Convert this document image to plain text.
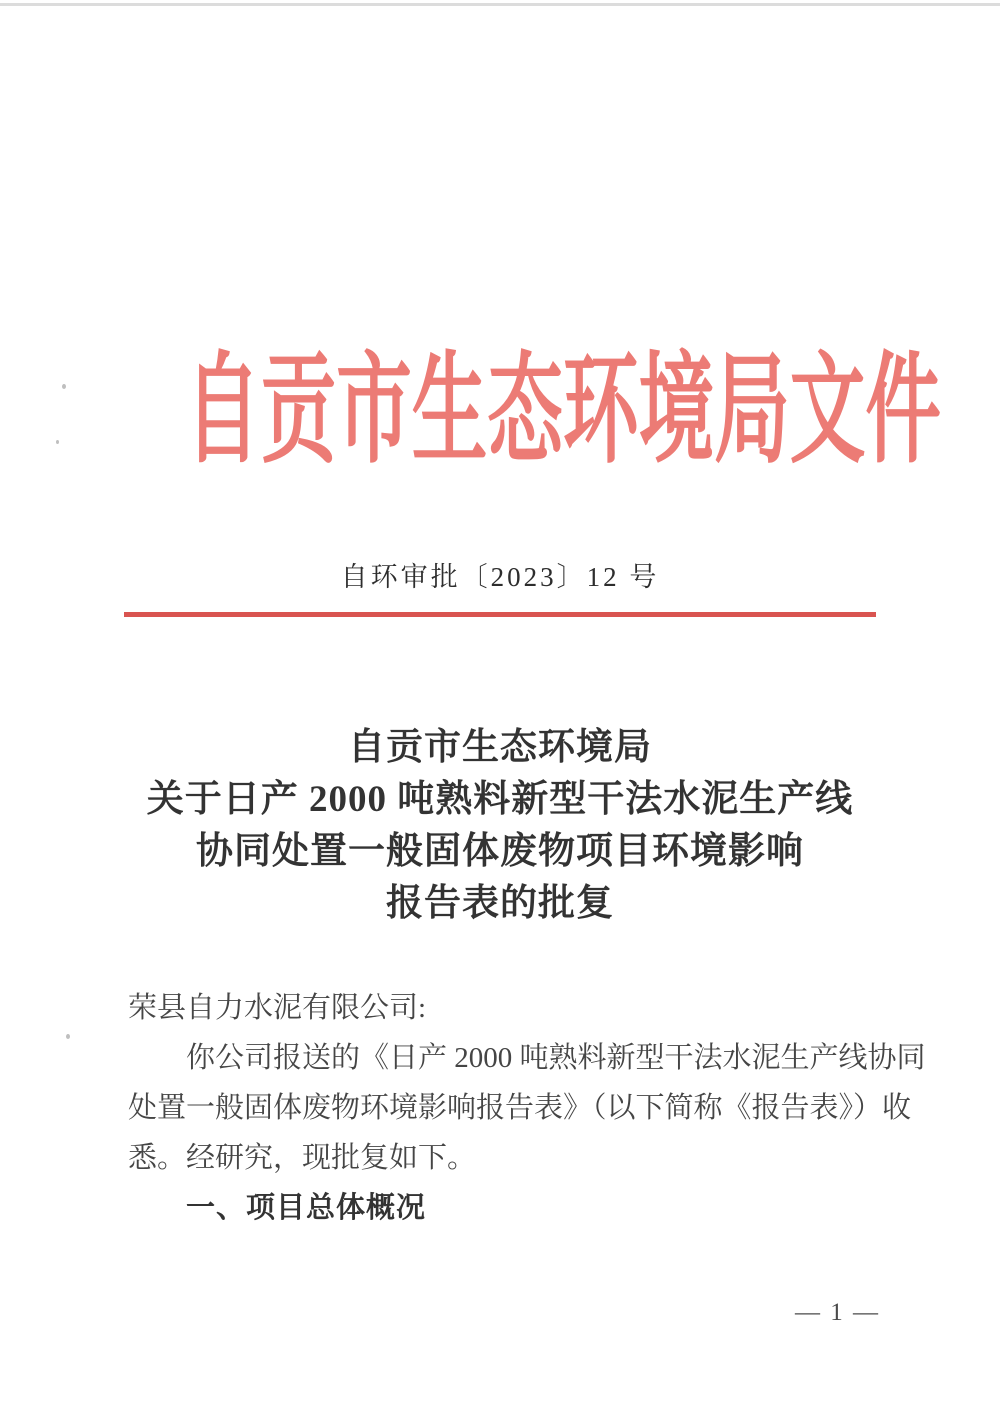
自贡市生态环境局文件
自环审批〔2023〕12 号
自贡市生态环境局
关于日产 2000 吨熟料新型干法水泥生产线
协同处置一般固体废物项目环境影响
报告表的批复
荣县自力水泥有限公司:
你公司报送的《日产 2000 吨熟料新型干法水泥生产线协同
处置一般固体废物环境影响报告表》（以下简称《报告表》）收
悉。经研究，现批复如下。
一、项目总体概况
— 1 —
